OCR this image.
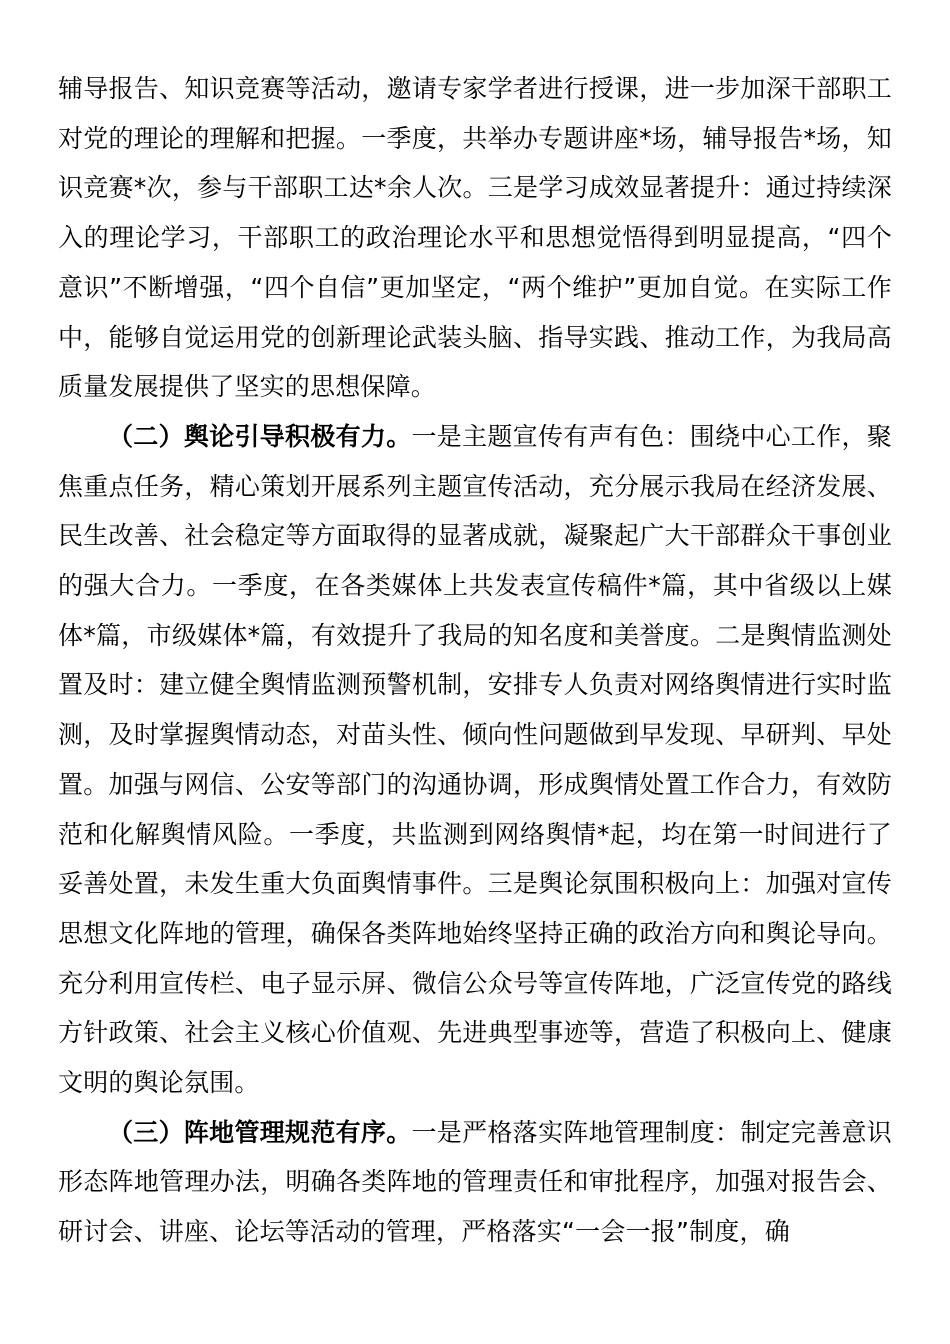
辅导报告、知识竞赛等活动，邀请专家学者进行授课，进一步加深干部职工对党的理论的理解和把握。一季度，共举办专题讲座*场，辅导报告*场，知识竞赛*次，参与干部职工达*余人次。三是学习成效显著提升：通过持续深入的理论学习，干部职工的政治理论水平和思想觉悟得到明显提高，“四个意识”不断增强，“四个自信”更加坚定，“两个维护”更加自觉。在实际工作中，能够自觉运用党的创新理论武装头脑、指导实践、推动工作，为我局高质量发展提供了坚实的思想保障。

（二）舆论引导积极有力。一是主题宣传有声有色：围绕中心工作，聚焦重点任务，精心策划开展系列主题宣传活动，充分展示我局在经济发展、民生改善、社会稳定等方面取得的显著成就，凝聚起广大干部群众干事创业的强大合力。一季度，在各类媒体上共发表宣传稿件*篇，其中省级以上媒体*篇，市级媒体*篇，有效提升了我局的知名度和美誉度。二是舆情监测处置及时：建立健全舆情监测预警机制，安排专人负责对网络舆情进行实时监测，及时掌握舆情动态，对苗头性、倾向性问题做到早发现、早研判、早处置。加强与网信、公安等部门的沟通协调，形成舆情处置工作合力，有效防范和化解舆情风险。一季度，共监测到网络舆情*起，均在第一时间进行了妥善处置，未发生重大负面舆情事件。三是舆论氛围积极向上：加强对宣传思想文化阵地的管理，确保各类阵地始终坚持正确的政治方向和舆论导向。充分利用宣传栏、电子显示屏、微信公众号等宣传阵地，广泛宣传党的路线方针政策、社会主义核心价值观、先进典型事迹等，营造了积极向上、健康文明的舆论氛围。

（三）阵地管理规范有序。一是严格落实阵地管理制度：制定完善意识形态阵地管理办法，明确各类阵地的管理责任和审批程序，加强对报告会、研讨会、讲座、论坛等活动的管理，严格落实“一会一报”制度，确
